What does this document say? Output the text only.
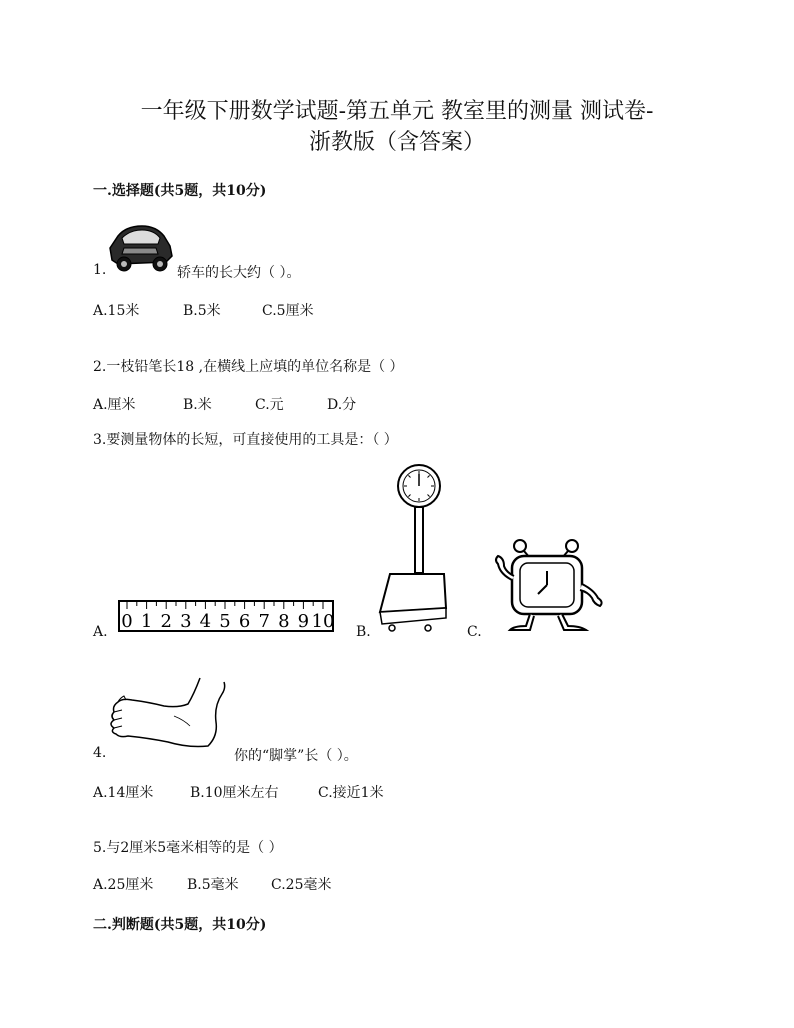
一年级下册数学试题-第五单元 教室里的测量 测试卷-
浙教版（含答案）
一.选择题(共5题，共10分)
1.	轿车的长大约（ ）。
A.15米	B.5米	C.5厘米
2.一枝铅笔长18 ,在横线上应填的单位名称是（ ）
A.厘米	B.米	C.元	D.分
3.要测量物体的长短，可直接使用的工具是：（ ）
A. 0 1 2 3 4 5 6 7 8 9 10 B.	C.
4.	你的“脚掌”长（ ）。
A.14厘米	B.10厘米左右	C.接近1米
5.与2厘米5毫米相等的是（ ）
A.25厘米 B.5毫米 C.25毫米
二.判断题(共5题，共10分)
